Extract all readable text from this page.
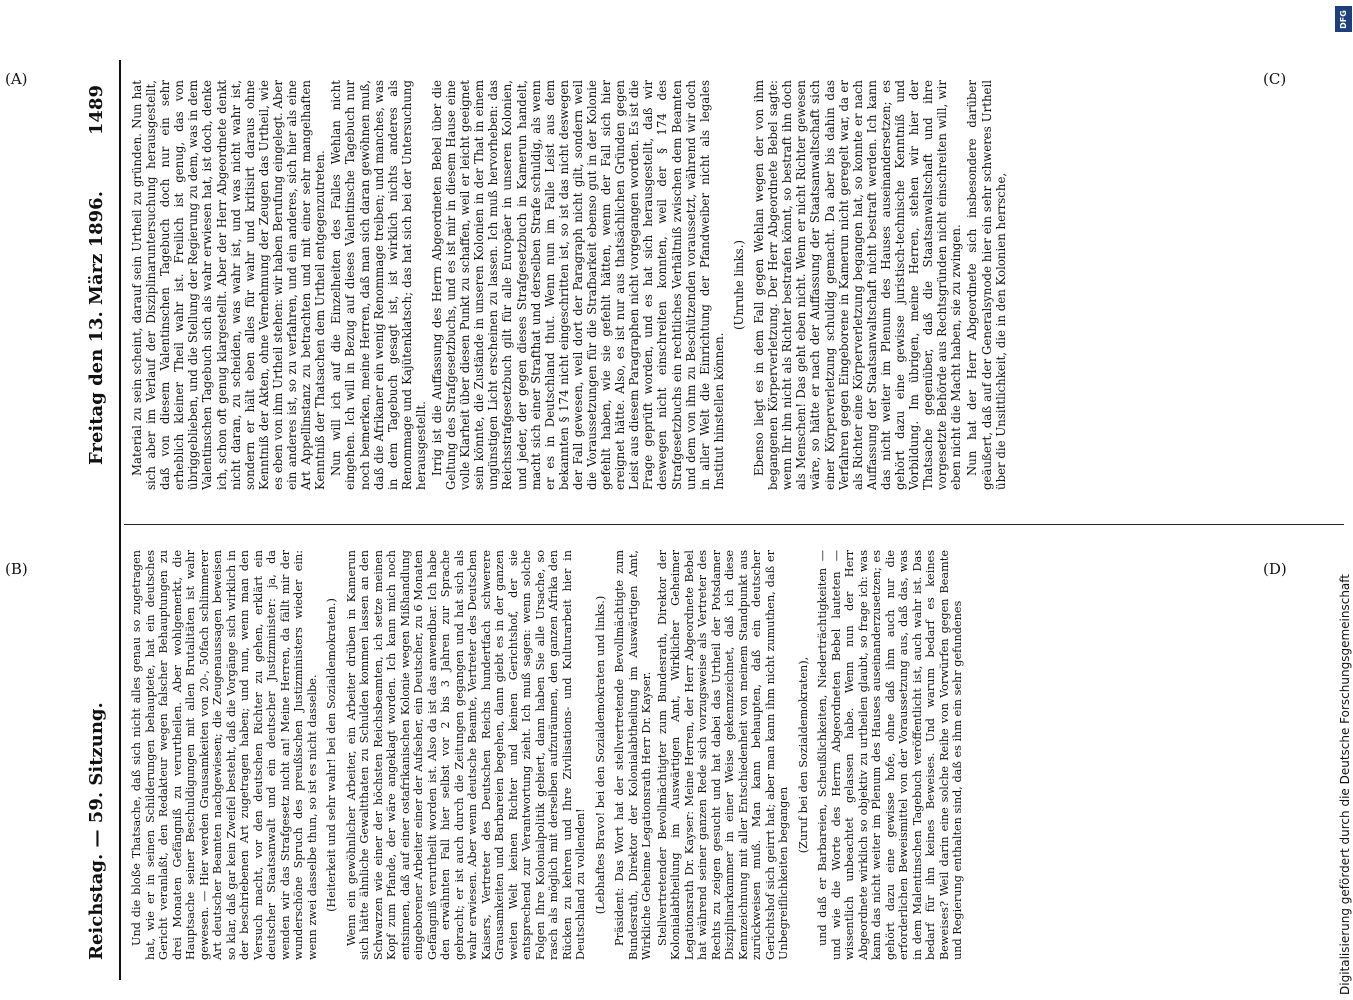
Reichstag. — 59. Sitzung.
Freitag den 13. März 1896.
1489

Und die bloße Thatsache, daß sich nicht alles genau so zugetragen hat, wie er in seinen Schilderungen behauptete, hat ein deutsches Gericht veranlaßt, den Redakteur wegen falscher Behauptungen zu drei Monaten Gefängniß zu verurtheilen. Aber wohlgemerkt, die Hauptsache seiner Beschuldigungen mit allen Brutalitäten ist wahr gewesen. — Hier werden Grausamkeiten von 20-, 50fach schlimmerer Art deutscher Beamten nachgewiesen; die Zeugenaussagen beweisen so klar, daß gar kein Zweifel besteht, daß die Vorgänge sich wirklich in der beschriebenen Art zugetragen haben; und nun, wenn man den Versuch macht, vor den deutschen Richter zu gehen, erklärt ein deutscher Staatsanwalt und ein deutscher Justizminister: ja, da wenden wir das Strafgesetz nicht an! Meine Herren, da fällt mir der wunderschöne Spruch des preußischen Justizministers wieder ein: wenn zwei dasselbe thun, so ist es nicht dasselbe. (Heiterkeit und sehr wahr! bei den Sozialdemokraten.) Wenn ein gewöhnlicher Arbeiter, ein Arbeiter drüben in Kamerun sich hätte ähnliche Gewaltthaten zu Schulden kommen lassen an den Schwarzen wie einer der höchsten Reichsbeamten, ich setze meinen Kopf zum Pfande, der wäre angeklagt worden. Ich kann mich noch entsinnen, daß auf einer ostafrikanischen Kolonie wegen Mißhandlung eingeborener Arbeiter einer der Aufseher, ein Deutscher, zu 6 Monaten Gefängniß verurtheilt worden ist. Also da ist das anwendbar. Ich habe den erwähnten Fall hier selbst vor 2 bis 3 Jahren zur Sprache gebracht; er ist auch durch die Zeitungen gegangen und hat sich als wahr erwiesen. Aber wenn deutsche Beamte, Vertreter des Deutschen Kaisers, Vertreter des Deutschen Reichs hundertfach schwerere Grausamkeiten und Barbareien begehen, dann giebt es in der ganzen weiten Welt keinen Richter und keinen Gerichtshof, der sie entsprechend zur Verantwortung zieht. Ich muß sagen: wenn solche Folgen Ihre Kolonialpolitik gebiert, dann haben Sie alle Ursache, so rasch als möglich mit derselben aufzuräumen, den ganzen Afrika den Rücken zu kehren und Ihre Zivilisations- und Kulturarbeit hier in Deutschland zu vollenden! (Lebhaftes Bravo! bei den Sozialdemokraten und links.) Präsident: Das Wort hat der stellvertretende Bevollmächtigte zum Bundesrath, Direktor der Kolonialabtheilung im Auswärtigen Amt, Wirkliche Geheime Legationsrath Herr Dr. Kayser. Stellvertretender Bevollmächtigter zum Bundesrath, Direktor der Kolonialabtheilung im Auswärtigen Amt, Wirklicher Geheimer Legationsrath Dr. Kayser: Meine Herren, der Herr Abgeordnete Bebel hat während seiner ganzen Rede sich vorzugsweise als Vertreter des Rechts zu zeigen gesucht und hat dabei das Urtheil der Potsdamer Disziplinarkammer in einer Weise gekennzeichnet, daß ich diese Kennzeichnung mit aller Entschiedenheit von meinem Standpunkt aus zurückweisen muß. Man kann behaupten, daß ein deutscher Gerichtshof sich geirrt hat; aber man kann ihm nicht zumuthen, daß er Unbegreiflichkeiten begangen

(Zuruf bei den Sozialdemokraten), und daß er Barbareien, Scheußlichkeiten, Niederträchtigkeiten — und wie die Worte des Herrn Abgeordneten Bebel lauteten — wissentlich unbeachtet gelassen habe. Wenn nun der Herr Abgeordnete wirklich so objektiv zu urtheilen glaubt, so frage ich: was kann das nicht weiter im Plenum des Hauses auseinanderzusetzen; es gehört dazu eine gewisse hofe, ohne daß ihm auch nur die erforderlichen Beweismittel von der Voraussetzung aus, daß das, was in dem Malentinschen Tagebuch veröffentlicht ist, auch wahr ist. Das bedarf für ihn keines Beweises. Und warum bedarf es keines Beweises? Weil darin eine solche Reihe von Vorwürfen gegen Beamte und Regierung enthalten sind, daß es ihm ein sehr gefundenes

Material zu sein scheint, darauf sein Urtheil zu gründen. Nun hat sich aber im Verlauf der Disziplinaruntersuchung herausgestellt, daß von diesem Valentinschen Tagebuch doch nur ein sehr erheblich kleiner Theil wahr ist. Freilich ist genug, das von übriggeblieben, und die Stellung der Regierung zu dem, was in dem Valentinschen Tagebuch sich als wahr erwiesen hat, ist doch, denke ich, schon oft genug klargestellt. Aber der Herr Abgeordnete denkt nicht daran, zu scheiden, was wahr ist, und was nicht wahr ist, sondern er hält eben alles für wahr und kritisirt daraus ohne Kenntniß der Akten, ohne Vernehmung der Zeugen das Urtheil, wie es eben von ihm Urtheil stehen: wir haben Berufung eingelegt. Aber ein anderes ist, so zu verfahren, und ein anderes, sich hier als eine Art Appellinstanz zu betrachten und mit einer sehr mangelhaften Kenntniß der Thatsachen dem Urtheil entgegenzutreten. Nun will ich auf die Einzelheiten des Falles Wehlan nicht eingehen. Ich will in Bezug auf dieses Valentinsche Tagebuch nur noch bemerken, meine Herren, daß man sich daran gewöhnen muß, daß die Afrikaner ein wenig Renommage treiben; und manches, was in dem Tagebuch gesagt ist, ist wirklich nichts anderes als Renommage und Kajütenklatsch; das hat sich bei der Untersuchung herausgestellt. Irrig ist die Auffassung des Herrn Abgeordneten Bebel über die Geltung des Strafgesetzbuchs, und es ist mir in diesem Hause eine volle Klarheit über diesen Punkt zu schaffen, weil er leicht geeignet sein könnte, die Zustände in unseren Kolonien in der That in einem ungünstigen Licht erscheinen zu lassen. Ich muß hervorheben: das Reichsstrafgesetzbuch gilt für alle Europäer in unseren Kolonien, und jeder, der gegen dieses Strafgesetzbuch in Kamerun handelt, macht sich einer Strafthat und derselben Strafe schuldig, als wenn er es in Deutschland thut. Wenn nun im Falle Leist aus dem bekannten § 174 nicht eingeschritten ist, so ist das nicht deswegen der Fall gewesen, weil dort der Paragraph nicht gilt, sondern weil die Voraussetzungen für die Strafbarkeit ebenso gut in der Kolonie gefehlt haben, wie sie gefehlt hätten, wenn der Fall sich hier ereignet hätte. Also, es ist nur aus thatsächlichen Gründen gegen Leist aus diesem Paragraphen nicht vorgegangen worden. Es ist die Frage geprüft worden, und es hat sich herausgestellt, daß wir deswegen nicht einschreiten konnten, weil der § 174 des Strafgesetzbuchs ein rechtliches Verhältniß zwischen dem Beamten und dem von ihm zu Beschützenden voraussetzt, während wir doch in aller Welt die Einrichtung der Pfandweiber nicht als legales Institut hinstellen können.

(Unruhe links.) Ebenso liegt es in dem Fall gegen Wehlan wegen der von ihm begangenen Körperverletzung. Der Herr Abgeordnete Bebel sagte: wenn Ihr ihn nicht als Richter bestrafen könnt, so bestraft ihn doch als Menschen! Das geht eben nicht. Wenn er nicht Richter gewesen wäre, so hätte er nach der Auffassung der Staatsanwaltschaft sich einer Körperverletzung schuldig gemacht. Da aber bis dahin das Verfahren gegen Eingeborene in Kamerun nicht geregelt war, da er als Richter eine Körperverletzung begangen hat, so konnte er nach Auffassung der Staatsanwaltschaft nicht bestraft werden. Ich kann das nicht weiter im Plenum des Hauses auseinandersetzen; es gehört dazu eine gewisse juristisch-technische Kenntniß und Vorbildung. Im übrigen, meine Herren, stehen wir hier der Thatsache gegenüber, daß die Staatsanwaltschaft und ihre vorgesetzte Behörde aus Rechtsgründen nicht einschreiten will, wir eben nicht die Macht haben, sie zu zwingen. Nun hat der Herr Abgeordnete sich insbesondere darüber geäußert, daß auf der Generalsynode hier ein sehr schweres Urtheil über die Unsittlichkeit, die in den Kolonien herrsche,

(A)
(B)
(C)
(D)
Digitalisierung gefördert durch die Deutsche Forschungsgemeinschaft
DFG
